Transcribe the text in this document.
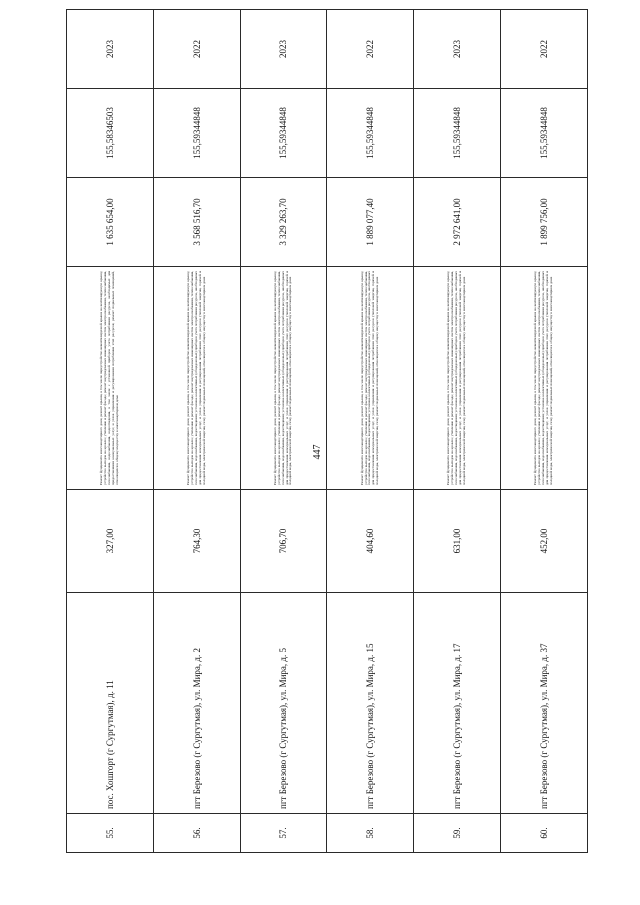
447
55.	пос. Хошгорт (г Сургутмая), д. 11	327,00	Ремонт фундамента многоквартирного дома; ремонт крыши, в том числе переустройство невентилируемой крыши на вентилируемую крышу, устройство выходов на кровлю; утепление и ремонт фасада; ремонт внутридомовых инженерных систем электроснабжения, теплоснабжения, газоснабжения, водоснабжения, водоотведения, в том числе с установкой приборов учета потребления ресурсов, необходимых для предоставления коммунальных услуг, и узлов управления и регулирования потребления этих ресурсов; ремонт подвальных помещений, относящихся к общему имуществу в многоквартирном доме	1 635 654,00	155,58346503	2023
56.	пгт Березово (г Сургутмая), ул. Мира, д. 2	764,30	Ремонт фундамента многоквартирного дома; ремонт крыши, в том числе переустройство невентилируемой крыши на вентилируемую крышу, устройство выходов на кровлю; утепление и ремонт фасада; ремонт внутридомовых инженерных систем электроснабжения, теплоснабжения, газоснабжения, водоснабжения, водоотведения; установка коллективных (общедомовых) приборов учета потребления ресурсов, необходимых для предоставления коммунальных услуг, и узлов управления и регулирования потребления этих ресурсов (тепловой энергии, горячей и холодной воды, электрической энергии, газа); ремонт подвальных помещений, относящихся к общему имуществу в многоквартирном доме	3 568 516,70	155,59344848	2022
57.	пгт Березово (г Сургутмая), ул. Мира, д. 5	706,70	Ремонт фундамента многоквартирного дома; ремонт крыши, в том числе переустройство невентилируемой крыши на вентилируемую крышу, устройство выходов на кровлю; утепление и ремонт фасада; ремонт внутридомовых инженерных систем электроснабжения, теплоснабжения, газоснабжения, водоснабжения, водоотведения; установка коллективных (общедомовых) приборов учета потребления ресурсов, необходимых для предоставления коммунальных услуг, и узлов управления и регулирования потребления этих ресурсов (тепловой энергии, горячей и холодной воды, электрической энергии, газа); ремонт подвальных помещений, относящихся к общему имуществу в многоквартирном доме	3 329 263,70	155,59344848	2023
58.	пгт Березово (г Сургутмая), ул. Мира, д. 15	404,60	Ремонт фундамента многоквартирного дома; ремонт крыши, в том числе переустройство невентилируемой крыши на вентилируемую крышу, устройство выходов на кровлю; утепление и ремонт фасада; ремонт внутридомовых инженерных систем электроснабжения, теплоснабжения, газоснабжения, водоснабжения, водоотведения; установка коллективных (общедомовых) приборов учета потребления ресурсов, необходимых для предоставления коммунальных услуг, и узлов управления и регулирования потребления этих ресурсов (тепловой энергии, горячей и холодной воды, электрической энергии, газа); ремонт подвальных помещений, относящихся к общему имуществу в многоквартирном доме	1 889 077,40	155,59344848	2022
59.	пгт Березово (г Сургутмая), ул. Мира, д. 17	631,00	Ремонт фундамента многоквартирного дома; ремонт крыши, в том числе переустройство невентилируемой крыши на вентилируемую крышу, устройство выходов на кровлю; утепление и ремонт фасада; ремонт внутридомовых инженерных систем электроснабжения, теплоснабжения, газоснабжения, водоснабжения, водоотведения; установка коллективных (общедомовых) приборов учета потребления ресурсов, необходимых для предоставления коммунальных услуг, и узлов управления и регулирования потребления этих ресурсов (тепловой энергии, горячей и холодной воды, электрической энергии, газа); ремонт подвальных помещений, относящихся к общему имуществу в многоквартирном доме	2 972 641,00	155,59344848	2023
60.	пгт Березово (г Сургутмая), ул. Мира, д. 37	452,00	Ремонт фундамента многоквартирного дома; ремонт крыши, в том числе переустройство невентилируемой крыши на вентилируемую крышу, устройство выходов на кровлю; утепление и ремонт фасада; ремонт внутридомовых инженерных систем электроснабжения, теплоснабжения, газоснабжения, водоснабжения, водоотведения; установка коллективных (общедомовых) приборов учета потребления ресурсов, необходимых для предоставления коммунальных услуг, и узлов управления и регулирования потребления этих ресурсов (тепловой энергии, горячей и холодной воды, электрической энергии, газа); ремонт подвальных помещений, относящихся к общему имуществу в многоквартирном доме	1 899 756,00	155,59344848	2022
